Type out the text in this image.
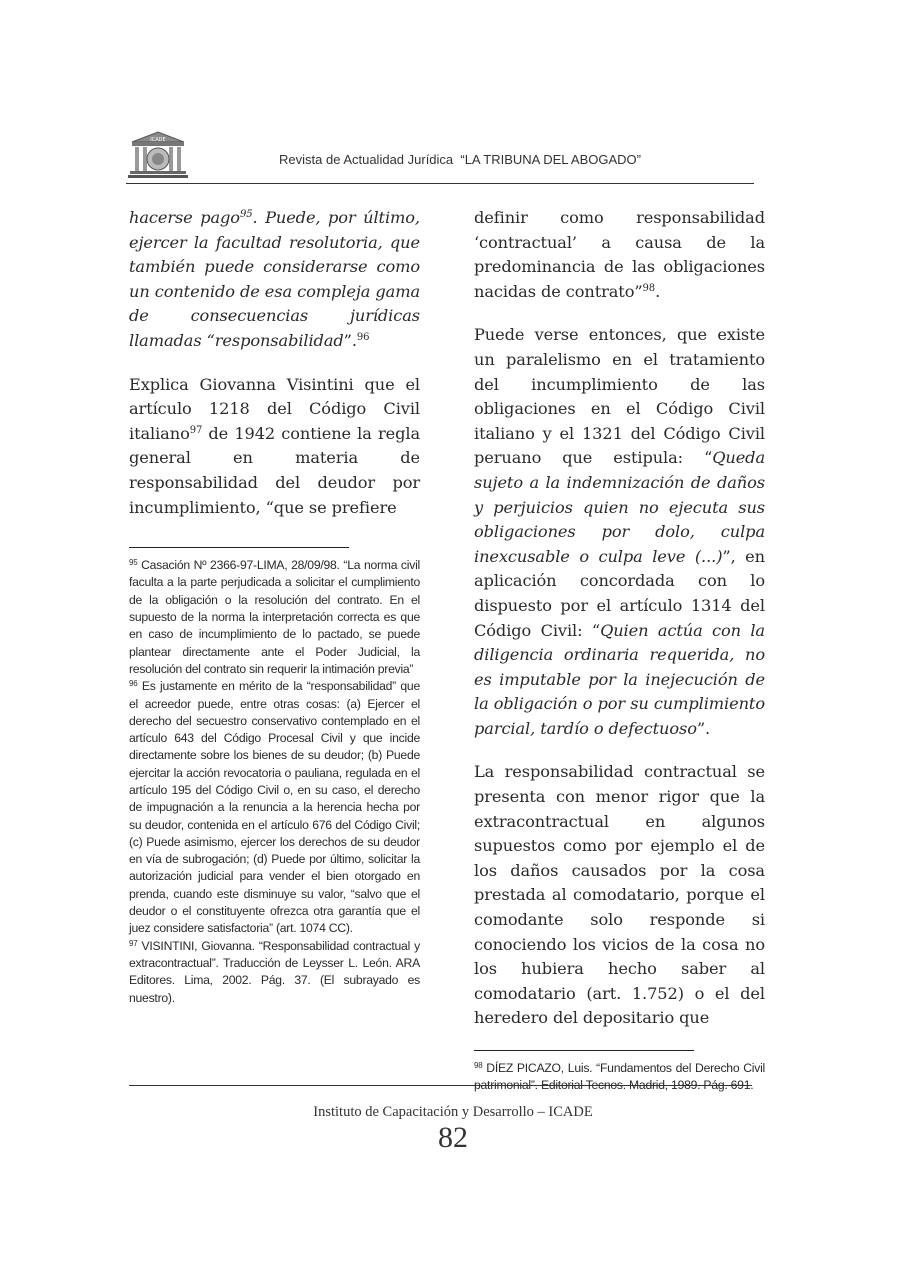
ICADE
Revista de Actualidad Jurídica  “LA TRIBUNA DEL ABOGADO”

hacerse pago$^{95}$. Puede, por último, ejercer la facultad resolutoria, que también puede considerarse como un contenido de esa compleja gama de consecuencias jurídicas llamadas “responsabilidad”.$^{96}$

Explica Giovanna Visintini que el artículo 1218 del Código Civil italiano$^{97}$ de 1942 contiene la regla general en materia de responsabilidad del deudor por incumplimiento, “que se prefiere

$^{95}$ Casación Nº 2366-97-LIMA, 28/09/98. “La norma civil faculta a la parte perjudicada a solicitar el cumplimiento de la obligación o la resolución del contrato. En el supuesto de la norma la interpretación correcta es que en caso de incumplimiento de lo pactado, se puede plantear directamente ante el Poder Judicial, la resolución del contrato sin requerir la intimación previa”

$^{96}$ Es justamente en mérito de la “responsabilidad” que el acreedor puede, entre otras cosas: (a) Ejercer el derecho del secuestro conservativo contemplado en el artículo 643 del Código Procesal Civil y que incide directamente sobre los bienes de su deudor; (b) Puede ejercitar la acción revocatoria o pauliana, regulada en el artículo 195 del Código Civil o, en su caso, el derecho de impugnación a la renuncia a la herencia hecha por su deudor, contenida en el artículo 676 del Código Civil; (c) Puede asimismo, ejercer los derechos de su deudor en vía de subrogación; (d) Puede por último, solicitar la autorización judicial para vender el bien otorgado en prenda, cuando este disminuye su valor, “salvo que el deudor o el constituyente ofrezca otra garantía que el juez considere satisfactoria” (art. 1074 CC).

$^{97}$ VISINTINI, Giovanna. “Responsabilidad contractual y extracontractual”. Traducción de Leysser L. León. ARA Editores. Lima, 2002. Pág. 37. (El subrayado es nuestro).

definir como responsabilidad ‘contractual’ a causa de la predominancia de las obligaciones nacidas de contrato”$^{98}$.

Puede verse entonces, que existe un paralelismo en el tratamiento del incumplimiento de las obligaciones en el Código Civil italiano y el 1321 del Código Civil peruano que estipula: “Queda sujeto a la indemnización de daños y perjuicios quien no ejecuta sus obligaciones por dolo, culpa inexcusable o culpa leve (...)”, en aplicación concordada con lo dispuesto por el artículo 1314 del Código Civil: “Quien actúa con la diligencia ordinaria requerida, no es imputable por la inejecución de la obligación o por su cumplimiento parcial, tardío o defectuoso”.

La responsabilidad contractual se presenta con menor rigor que la extracontractual en algunos supuestos como por ejemplo el de los daños causados por la cosa prestada al comodatario, porque el comodante solo responde si conociendo los vicios de la cosa no los hubiera hecho saber al comodatario (art. 1.752) o el del heredero del depositario que

$^{98}$ DÍEZ PICAZO, Luis. “Fundamentos del Derecho Civil patrimonial”. Editorial Tecnos. Madrid, 1989. Pág. 691.

Instituto de Capacitación y Desarrollo – ICADE
82
